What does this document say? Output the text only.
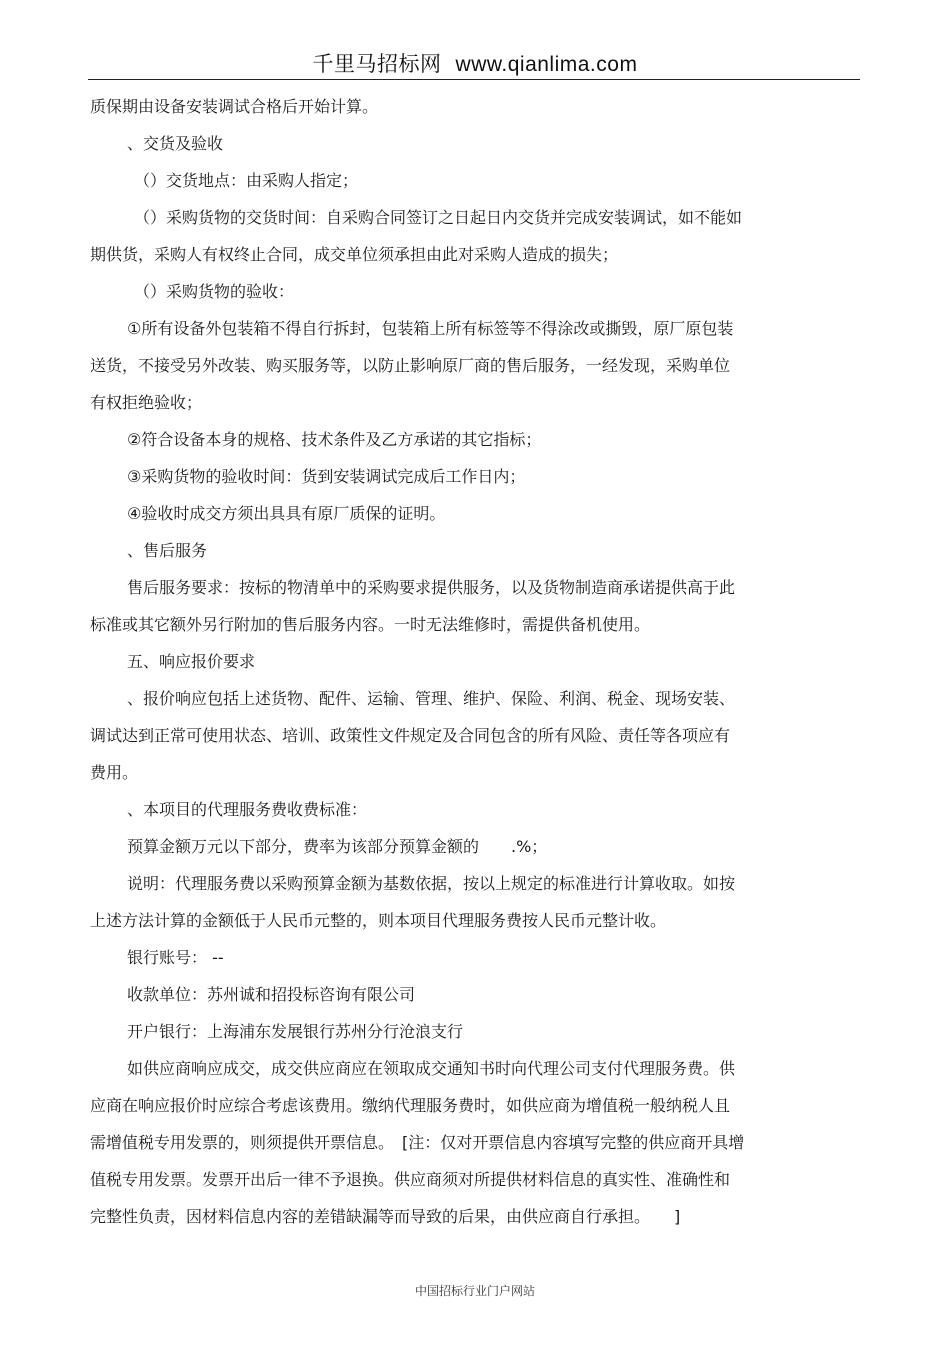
千里马招标网 www.qianlima.com
质保期由设备安装调试合格后开始计算。
、交货及验收
（）交货地点：由采购人指定；
（）采购货物的交货时间：自采购合同签订之日起日内交货并完成安装调试，如不能如
期供货，采购人有权终止合同，成交单位须承担由此对采购人造成的损失；
（）采购货物的验收：
①所有设备外包装箱不得自行拆封，包装箱上所有标签等不得涂改或撕毁，原厂原包装
送货，不接受另外改装、购买服务等，以防止影响原厂商的售后服务，一经发现，采购单位
有权拒绝验收；
②符合设备本身的规格、技术条件及乙方承诺的其它指标；
③采购货物的验收时间：货到安装调试完成后工作日内；
④验收时成交方须出具具有原厂质保的证明。
、售后服务
售后服务要求：按标的物清单中的采购要求提供服务，以及货物制造商承诺提供高于此
标准或其它额外另行附加的售后服务内容。一时无法维修时，需提供备机使用。
五、响应报价要求
、报价响应包括上述货物、配件、运输、管理、维护、保险、利润、税金、现场安装、
调试达到正常可使用状态、培训、政策性文件规定及合同包含的所有风险、责任等各项应有
费用。
、本项目的代理服务费收费标准：
预算金额万元以下部分，费率为该部分预算金额的　　.%；
说明：代理服务费以采购预算金额为基数依据，按以上规定的标准进行计算收取。如按
上述方法计算的金额低于人民币元整的，则本项目代理服务费按人民币元整计收。
银行账号： --
收款单位：苏州诚和招投标咨询有限公司
开户银行：上海浦东发展银行苏州分行沧浪支行
如供应商响应成交，成交供应商应在领取成交通知书时向代理公司支付代理服务费。供
应商在响应报价时应综合考虑该费用。缴纳代理服务费时，如供应商为增值税一般纳税人且
需增值税专用发票的，则须提供开票信息。　[注：仅对开票信息内容填写完整的供应商开具增
值税专用发票。发票开出后一律不予退换。供应商须对所提供材料信息的真实性、准确性和
完整性负责，因材料信息内容的差错缺漏等而导致的后果，由供应商自行承担。　　]
中国招标行业门户网站
